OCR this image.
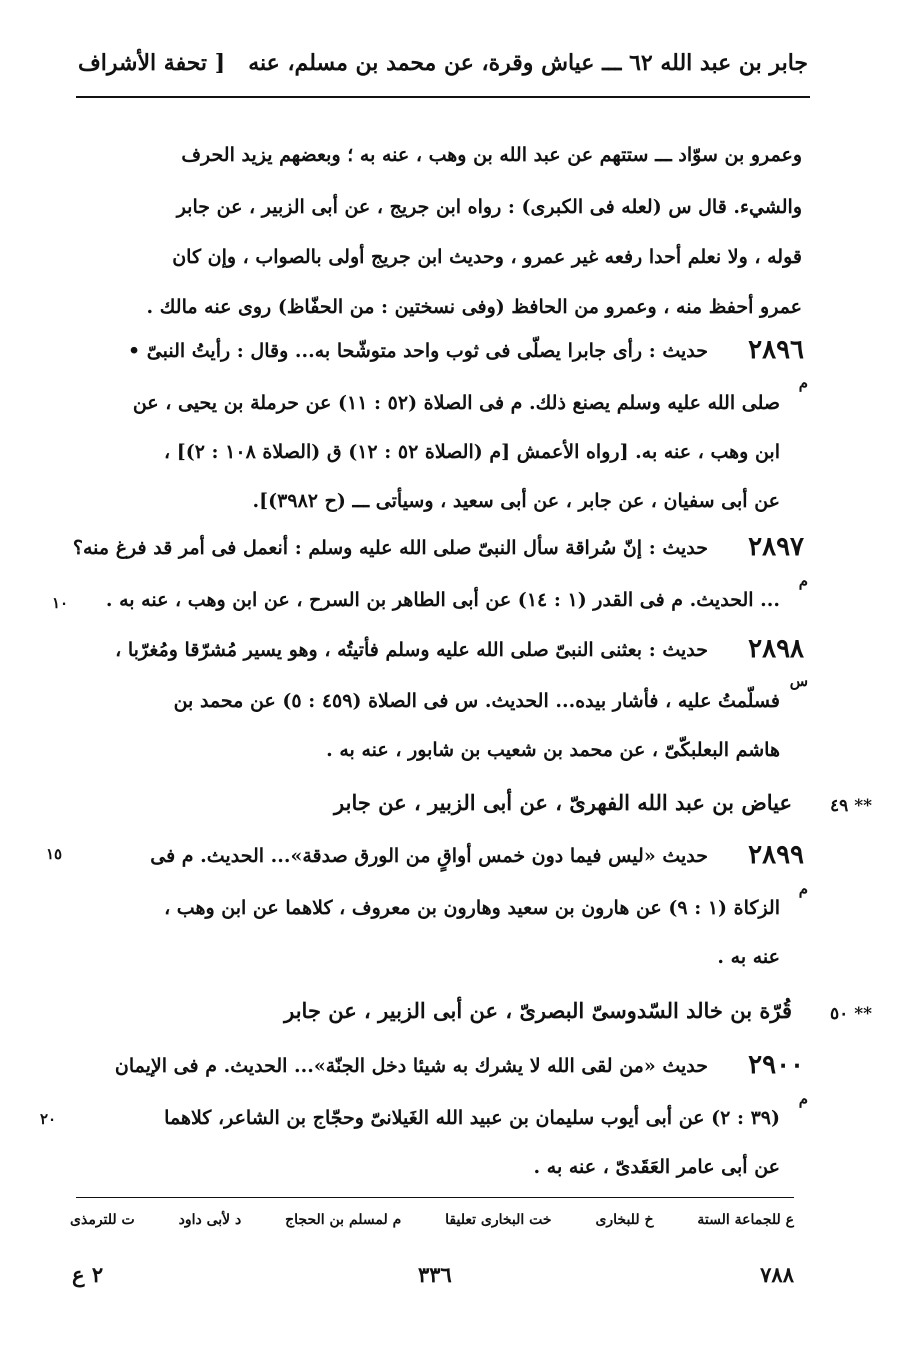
جابر بن عبد الله ٦٢ ـــ عياش وقرة، عن محمد بن مسلم، عنه
[ تحفة الأشراف
وعمرو بن سوّاد ـــ ستتهم عن عبد الله بن وهب ، عنه به ؛ وبعضهم يزيد الحرف
والشيء. قال س (لعله فى الكبرى) : رواه ابن جريج ، عن أبى الزبير ، عن جابر
قوله ، ولا نعلم أحدا رفعه غير عمرو ، وحديث ابن جريج أولى بالصواب ، وإن كان
عمرو أحفظ منه ، وعمرو من الحافظ (وفى نسختين : من الحفّاظ) روى عنه مالك .
٢٨٩٦
حديث : رأى جابرا يصلّى فى ثوب واحد متوشّحا به... وقال : رأيتُ النبىّ •
م
صلى الله عليه وسلم يصنع ذلك. م فى الصلاة (٥٢ : ١١) عن حرملة بن يحيى ، عن
ابن وهب ، عنه به. [رواه الأعمش [م (الصلاة ٥٢ : ١٢) ق (الصلاة ١٠٨ : ٢)] ،
عن أبى سفيان ، عن جابر ، عن أبى سعيد ، وسيأتى ـــ (ح ٣٩٨٢)].
٢٨٩٧
حديث : إنّ سُراقة سأل النبىّ صلى الله عليه وسلم : أنعمل فى أمر قد فرغ منه؟
م
... الحديث. م فى القدر (١ : ١٤) عن أبى الطاهر بن السرح ، عن ابن وهب ، عنه به .
١٠
٢٨٩٨
حديث : بعثنى النبىّ صلى الله عليه وسلم فأتيتُه ، وهو يسير مُشرّقا ومُغرّبا ،
س
فسلّمتُ عليه ، فأشار بيده... الحديث. س فى الصلاة (٤٥٩ : ٥) عن محمد بن
هاشم البعلبكّىّ ، عن محمد بن شعيب بن شابور ، عنه به .
٤٩ **
عياض بن عبد الله الفهرىّ ، عن أبى الزبير ، عن جابر
٢٨٩٩
حديث «ليس فيما دون خمس أواقٍ من الورق صدقة»... الحديث. م فى
١٥
م
الزكاة (١ : ٩) عن هارون بن سعيد وهارون بن معروف ، كلاهما عن ابن وهب ،
عنه به .
٥٠ **
قُرّة بن خالد السّدوسىّ البصرىّ ، عن أبى الزبير ، عن جابر
٢٩٠٠
حديث «من لقى الله لا يشرك به شيئا دخل الجنّة»... الحديث. م فى الإيمان
م
(٣٩ : ٢) عن أبى أيوب سليمان بن عبيد الله الغَيلانىّ وحجّاج بن الشاعر، كلاهما
٢٠
عن أبى عامر العَقَدىّ ، عنه به .
ع للجماعة الستة
خ للبخارى
خت البخارى تعليقا
م لمسلم بن الحجاج
د لأبى داود
ت للترمذى
٧٨٨
٣٣٦
٢ ع
